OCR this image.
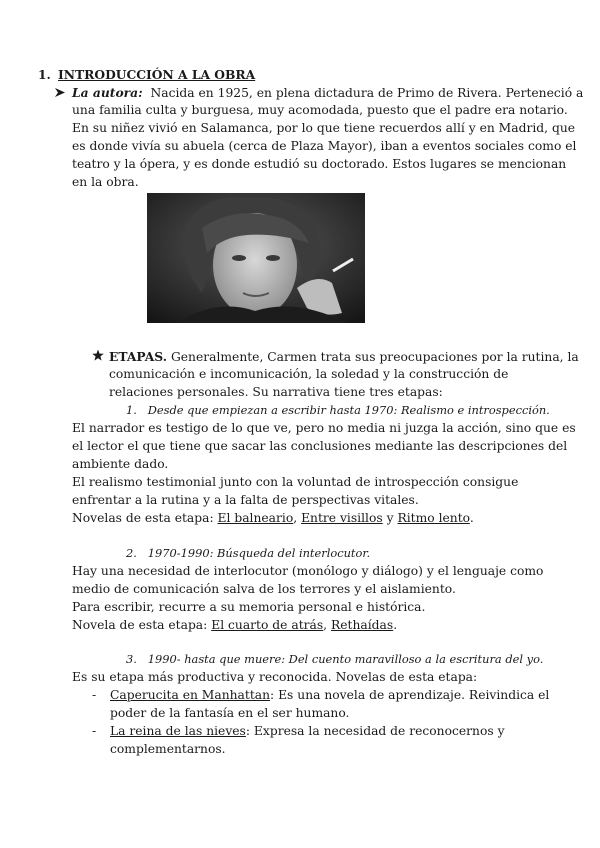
1. INTRODUCCIÓN A LA OBRA
La autora: Nacida en 1925, en plena dictadura de Primo de Rivera. Perteneció a
una familia culta y burguesa, muy acomodada, puesto que el padre era notario.
En su niñez vivió en Salamanca, por lo que tiene recuerdos allí y en Madrid, que
es donde vivía su abuela (cerca de Plaza Mayor), iban a eventos sociales como el
teatro y la ópera, y es donde estudió su doctorado. Estos lugares se mencionan
en la obra.
ETAPAS. Generalmente, Carmen trata sus preocupaciones por la rutina, la
comunicación e incomunicación, la soledad y la construcción de
relaciones personales. Su narrativa tiene tres etapas:
1. Desde que empiezan a escribir hasta 1970: Realismo e introspección.
El narrador es testigo de lo que ve, pero no media ni juzga la acción, sino que es
el lector el que tiene que sacar las conclusiones mediante las descripciones del
ambiente dado.
El realismo testimonial junto con la voluntad de introspección consigue
enfrentar a la rutina y a la falta de perspectivas vitales.
Novelas de esta etapa: El balneario, Entre visillos y Ritmo lento.
2. 1970-1990: Búsqueda del interlocutor.
Hay una necesidad de interlocutor (monólogo y diálogo) y el lenguaje como
medio de comunicación salva de los terrores y el aislamiento.
Para escribir, recurre a su memoria personal e histórica.
Novela de esta etapa: El cuarto de atrás, Rethaídas.
3. 1990- hasta que muere: Del cuento maravilloso a la escritura del yo.
Es su etapa más productiva y reconocida. Novelas de esta etapa:
- Caperucita en Manhattan: Es una novela de aprendizaje. Reivindica el
poder de la fantasía en el ser humano.
- La reina de las nieves: Expresa la necesidad de reconocernos y
complementarnos.
